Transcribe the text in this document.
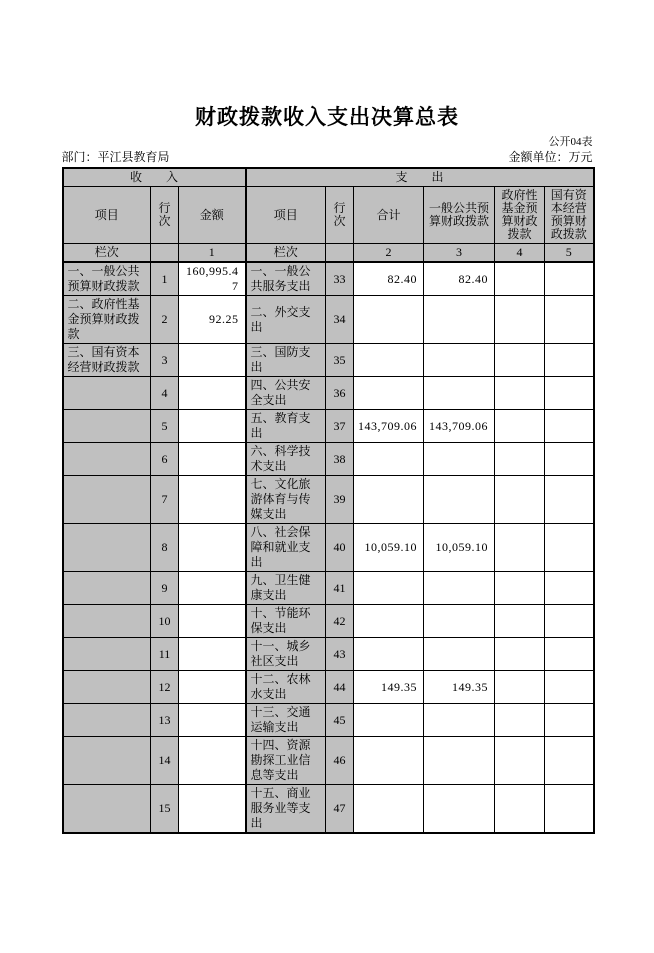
财政拨款收入支出决算总表
公开04表
部门：平江县教育局	金额单位：万元
收　　入			支　　出					
项目	行次	金额	项目	行次	合计	一般公共预算财政拨款	政府性基金预算财政拨款	国有资本经营预算财政拨款
栏次		1	栏次		2	3	4	5
一、一般公共预算财政拨款	1	160,995.47	一、一般公共服务支出	33	82.40	82.40		
二、政府性基金预算财政拨款	2	92.25	二、外交支出	34				
三、国有资本经营财政拨款	3		三、国防支出	35				
	4		四、公共安全支出	36				
	5		五、教育支出	37	143,709.06	143,709.06		
	6		六、科学技术支出	38				
	7		七、文化旅游体育与传媒支出	39				
	8		八、社会保障和就业支出	40	10,059.10	10,059.10		
	9		九、卫生健康支出	41				
	10		十、节能环保支出	42				
	11		十一、城乡社区支出	43				
	12		十二、农林水支出	44	149.35	149.35		
	13		十三、交通运输支出	45				
	14		十四、资源勘探工业信息等支出	46				
	15		十五、商业服务业等支出	47				
